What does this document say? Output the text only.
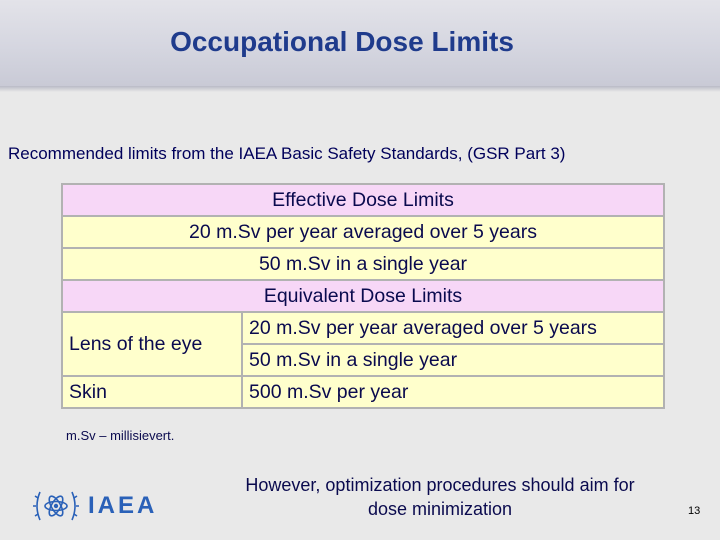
Occupational Dose Limits
Recommended limits from the IAEA Basic Safety Standards, (GSR Part 3)
Effective Dose Limits	
20 m.Sv per year averaged over 5 years	
50 m.Sv in a single year	
Equivalent Dose Limits	
Lens of the eye	20 m.Sv per year averaged over 5 years
	50 m.Sv in a single year
Skin	500 m.Sv per year
m.Sv – millisievert.
IAEA
However, optimization procedures should aim for dose minimization	13
